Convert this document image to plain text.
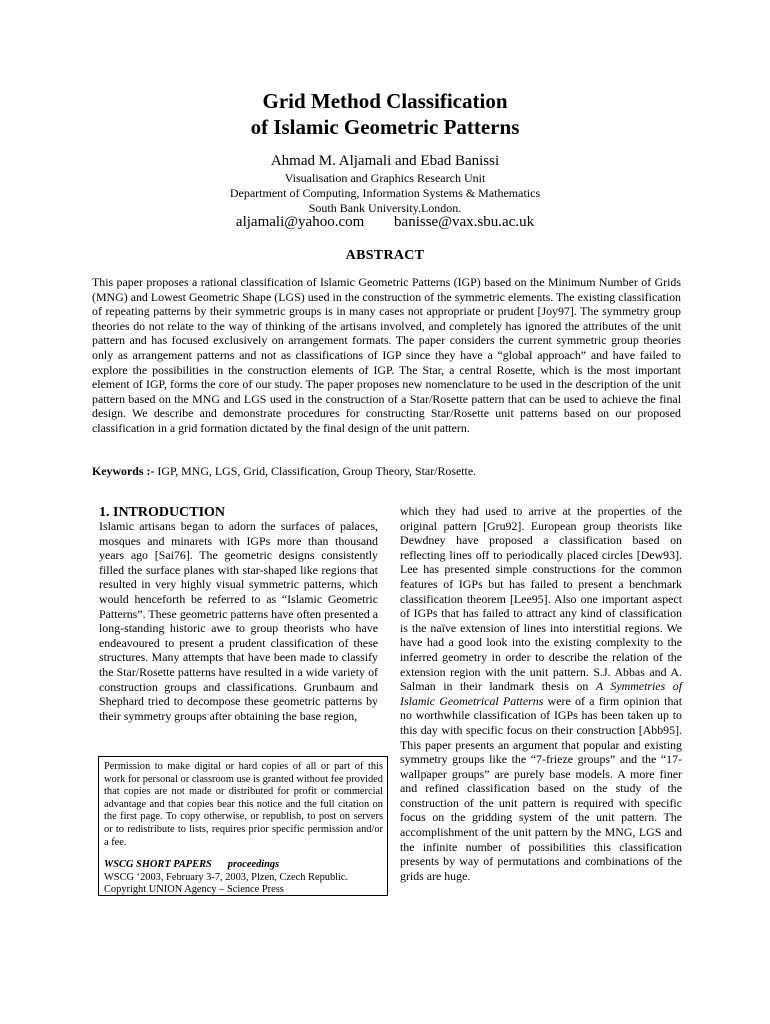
Grid Method Classification
of Islamic Geometric Patterns
Ahmad M. Aljamali and Ebad Banissi
Visualisation and Graphics Research Unit
Department of Computing, Information Systems & Mathematics
South Bank University.London.
aljamali@yahoo.com banisse@vax.sbu.ac.uk
ABSTRACT

This paper proposes a rational classification of Islamic Geometric Patterns (IGP) based on the Minimum Number of Grids (MNG) and Lowest Geometric Shape (LGS) used in the construction of the symmetric elements. The existing classification of repeating patterns by their symmetric groups is in many cases not appropriate or prudent [Joy97]. The symmetry group theories do not relate to the way of thinking of the artisans involved, and completely has ignored the attributes of the unit pattern and has focused exclusively on arrangement formats. The paper considers the current symmetric group theories only as arrangement patterns and not as classifications of IGP since they have a “global approach” and have failed to explore the possibilities in the construction elements of IGP. The Star, a central Rosette, which is the most important element of IGP, forms the core of our study. The paper proposes new nomenclature to be used in the description of the unit pattern based on the MNG and LGS used in the construction of a Star/Rosette pattern that can be used to achieve the final design. We describe and demonstrate procedures for constructing Star/Rosette unit patterns based on our proposed classification in a grid formation dictated by the final design of the unit pattern.

Keywords :- IGP, MNG, LGS, Grid, Classification, Group Theory, Star/Rosette.

1. INTRODUCTION

Islamic artisans began to adorn the surfaces of palaces, mosques and minarets with IGPs more than thousand years ago [Sai76]. The geometric designs consistently filled the surface planes with star-shaped like regions that resulted in very highly visual symmetric patterns, which would henceforth be referred to as “Islamic Geometric Patterns”. These geometric patterns have often presented a long-standing historic awe to group theorists who have endeavoured to present a prudent classification of these structures. Many attempts that have been made to classify the Star/Rosette patterns have resulted in a wide variety of construction groups and classifications. Grunbaum and Shephard tried to decompose these geometric patterns by their symmetry groups after obtaining the base region,

Permission to make digital or hard copies of all or part of this work for personal or classroom use is granted without fee provided that copies are not made or distributed for profit or commercial advantage and that copies bear this notice and the full citation on the first page. To copy otherwise, or republish, to post on servers or to redistribute to lists, requires prior specific permission and/or a fee.

WSCG SHORT PAPERS proceedings

WSCG ‘2003, February 3-7, 2003, Plzen, Czech Republic.

Copyright UNION Agency – Science Press

which they had used to arrive at the properties of the original pattern [Gru92]. European group theorists like Dewdney have proposed a classification based on reflecting lines off to periodically placed circles [Dew93]. Lee has presented simple constructions for the common features of IGPs but has failed to present a benchmark classification theorem [Lee95]. Also one important aspect of IGPs that has failed to attract any kind of classification is the naïve extension of lines into interstitial regions. We have had a good look into the existing complexity to the inferred geometry in order to describe the relation of the extension region with the unit pattern. S.J. Abbas and A. Salman in their landmark thesis on A Symmetries of Islamic Geometrical Patterns were of a firm opinion that no worthwhile classification of IGPs has been taken up to this day with specific focus on their construction [Abb95]. This paper presents an argument that popular and existing symmetry groups like the “7-frieze groups” and the “17-wallpaper groups” are purely base models. A more finer and refined classification based on the study of the construction of the unit pattern is required with specific focus on the gridding system of the unit pattern. The accomplishment of the unit pattern by the MNG, LGS and the infinite number of possibilities this classification presents by way of permutations and combinations of the grids are huge.
